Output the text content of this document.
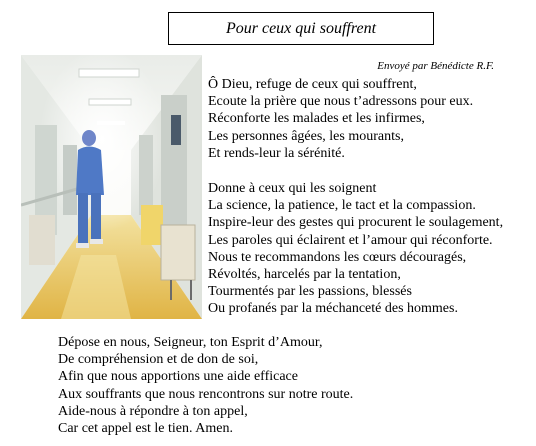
Pour ceux qui souffrent
Envoyé par Bénédicte R.F.
Ô Dieu, refuge de ceux qui souffrent,
Ecoute la prière que nous t’adressons pour eux.
Réconforte les malades et les infirmes,
Les personnes âgées, les mourants,
Et rends-leur la sérénité.
Donne à ceux qui les soignent
La science, la patience, le tact et la compassion.
Inspire-leur des gestes qui procurent le soulagement,
Les paroles qui éclairent et l’amour qui réconforte.
Nous te recommandons les cœurs découragés,
Révoltés, harcelés par la tentation,
Tourmentés par les passions, blessés
Ou profanés par la méchanceté des hommes.
Dépose en nous, Seigneur, ton Esprit d’Amour,
De compréhension et de don de soi,
Afin que nous apportions une aide efficace
Aux souffrants que nous rencontrons sur notre route.
Aide-nous à répondre à ton appel,
Car cet appel est le tien. Amen.
